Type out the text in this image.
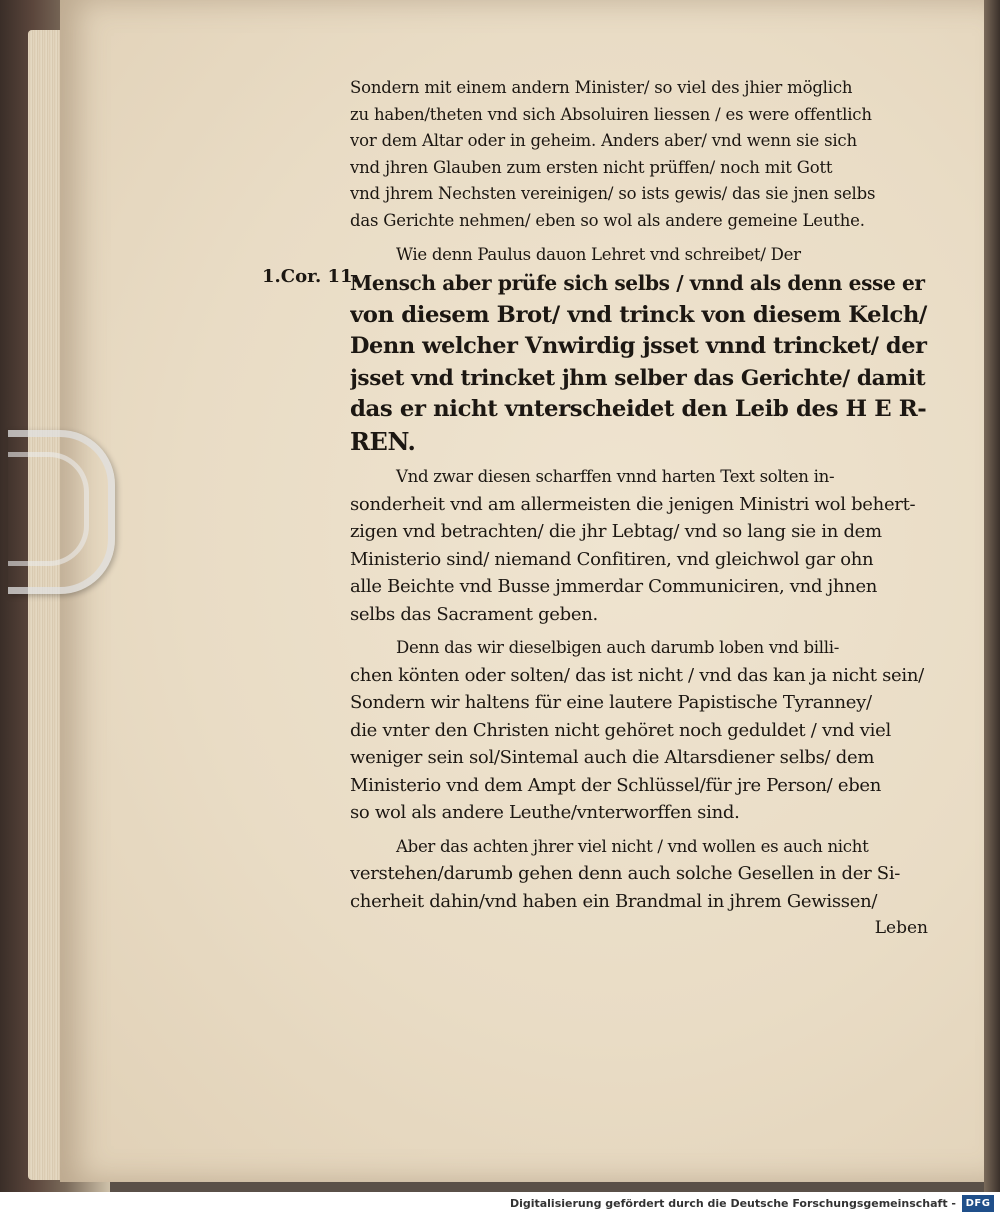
1.Cor. 11.
Sondern mit einem andern Minister/ so viel des jhier möglich
zu haben/theten vnd sich Absoluiren liessen / es were offentlich
vor dem Altar oder in geheim. Anders aber/ vnd wenn sie sich
vnd jhren Glauben zum ersten nicht prüffen/ noch mit Gott
vnd jhrem Nechsten vereinigen/ so ists gewis/ das sie jnen selbs
das Gerichte nehmen/ eben so wol als andere gemeine Leuthe.
Wie denn Paulus dauon Lehret vnd schreibet/ Der
Mensch aber prüfe sich selbs / vnnd als denn esse er
von diesem Brot/ vnd trinck von diesem Kelch/
Denn welcher Vnwirdig jsset vnnd trincket/ der
jsset vnd trincket jhm selber das Gerichte/ damit
das er nicht vnterscheidet den Leib des H E R-
REN.
Vnd zwar diesen scharffen vnnd harten Text solten in-
sonderheit vnd am allermeisten die jenigen Ministri wol behert-
zigen vnd betrachten/ die jhr Lebtag/ vnd so lang sie in dem
Ministerio sind/ niemand Confitiren, vnd gleichwol gar ohn
alle Beichte vnd Busse jmmerdar Communiciren, vnd jhnen
selbs das Sacrament geben.
Denn das wir dieselbigen auch darumb loben vnd billi-
chen könten oder solten/ das ist nicht / vnd das kan ja nicht sein/
Sondern wir haltens für eine lautere Papistische Tyranney/
die vnter den Christen nicht gehöret noch geduldet / vnd viel
weniger sein sol/Sintemal auch die Altarsdiener selbs/ dem
Ministerio vnd dem Ampt der Schlüssel/für jre Person/ eben
so wol als andere Leuthe/vnterworffen sind.
Aber das achten jhrer viel nicht / vnd wollen es auch nicht
verstehen/darumb gehen denn auch solche Gesellen in der Si-
cherheit dahin/vnd haben ein Brandmal in jhrem Gewissen/
Leben
Digitalisierung gefördert durch die Deutsche Forschungsgemeinschaft - DFG
